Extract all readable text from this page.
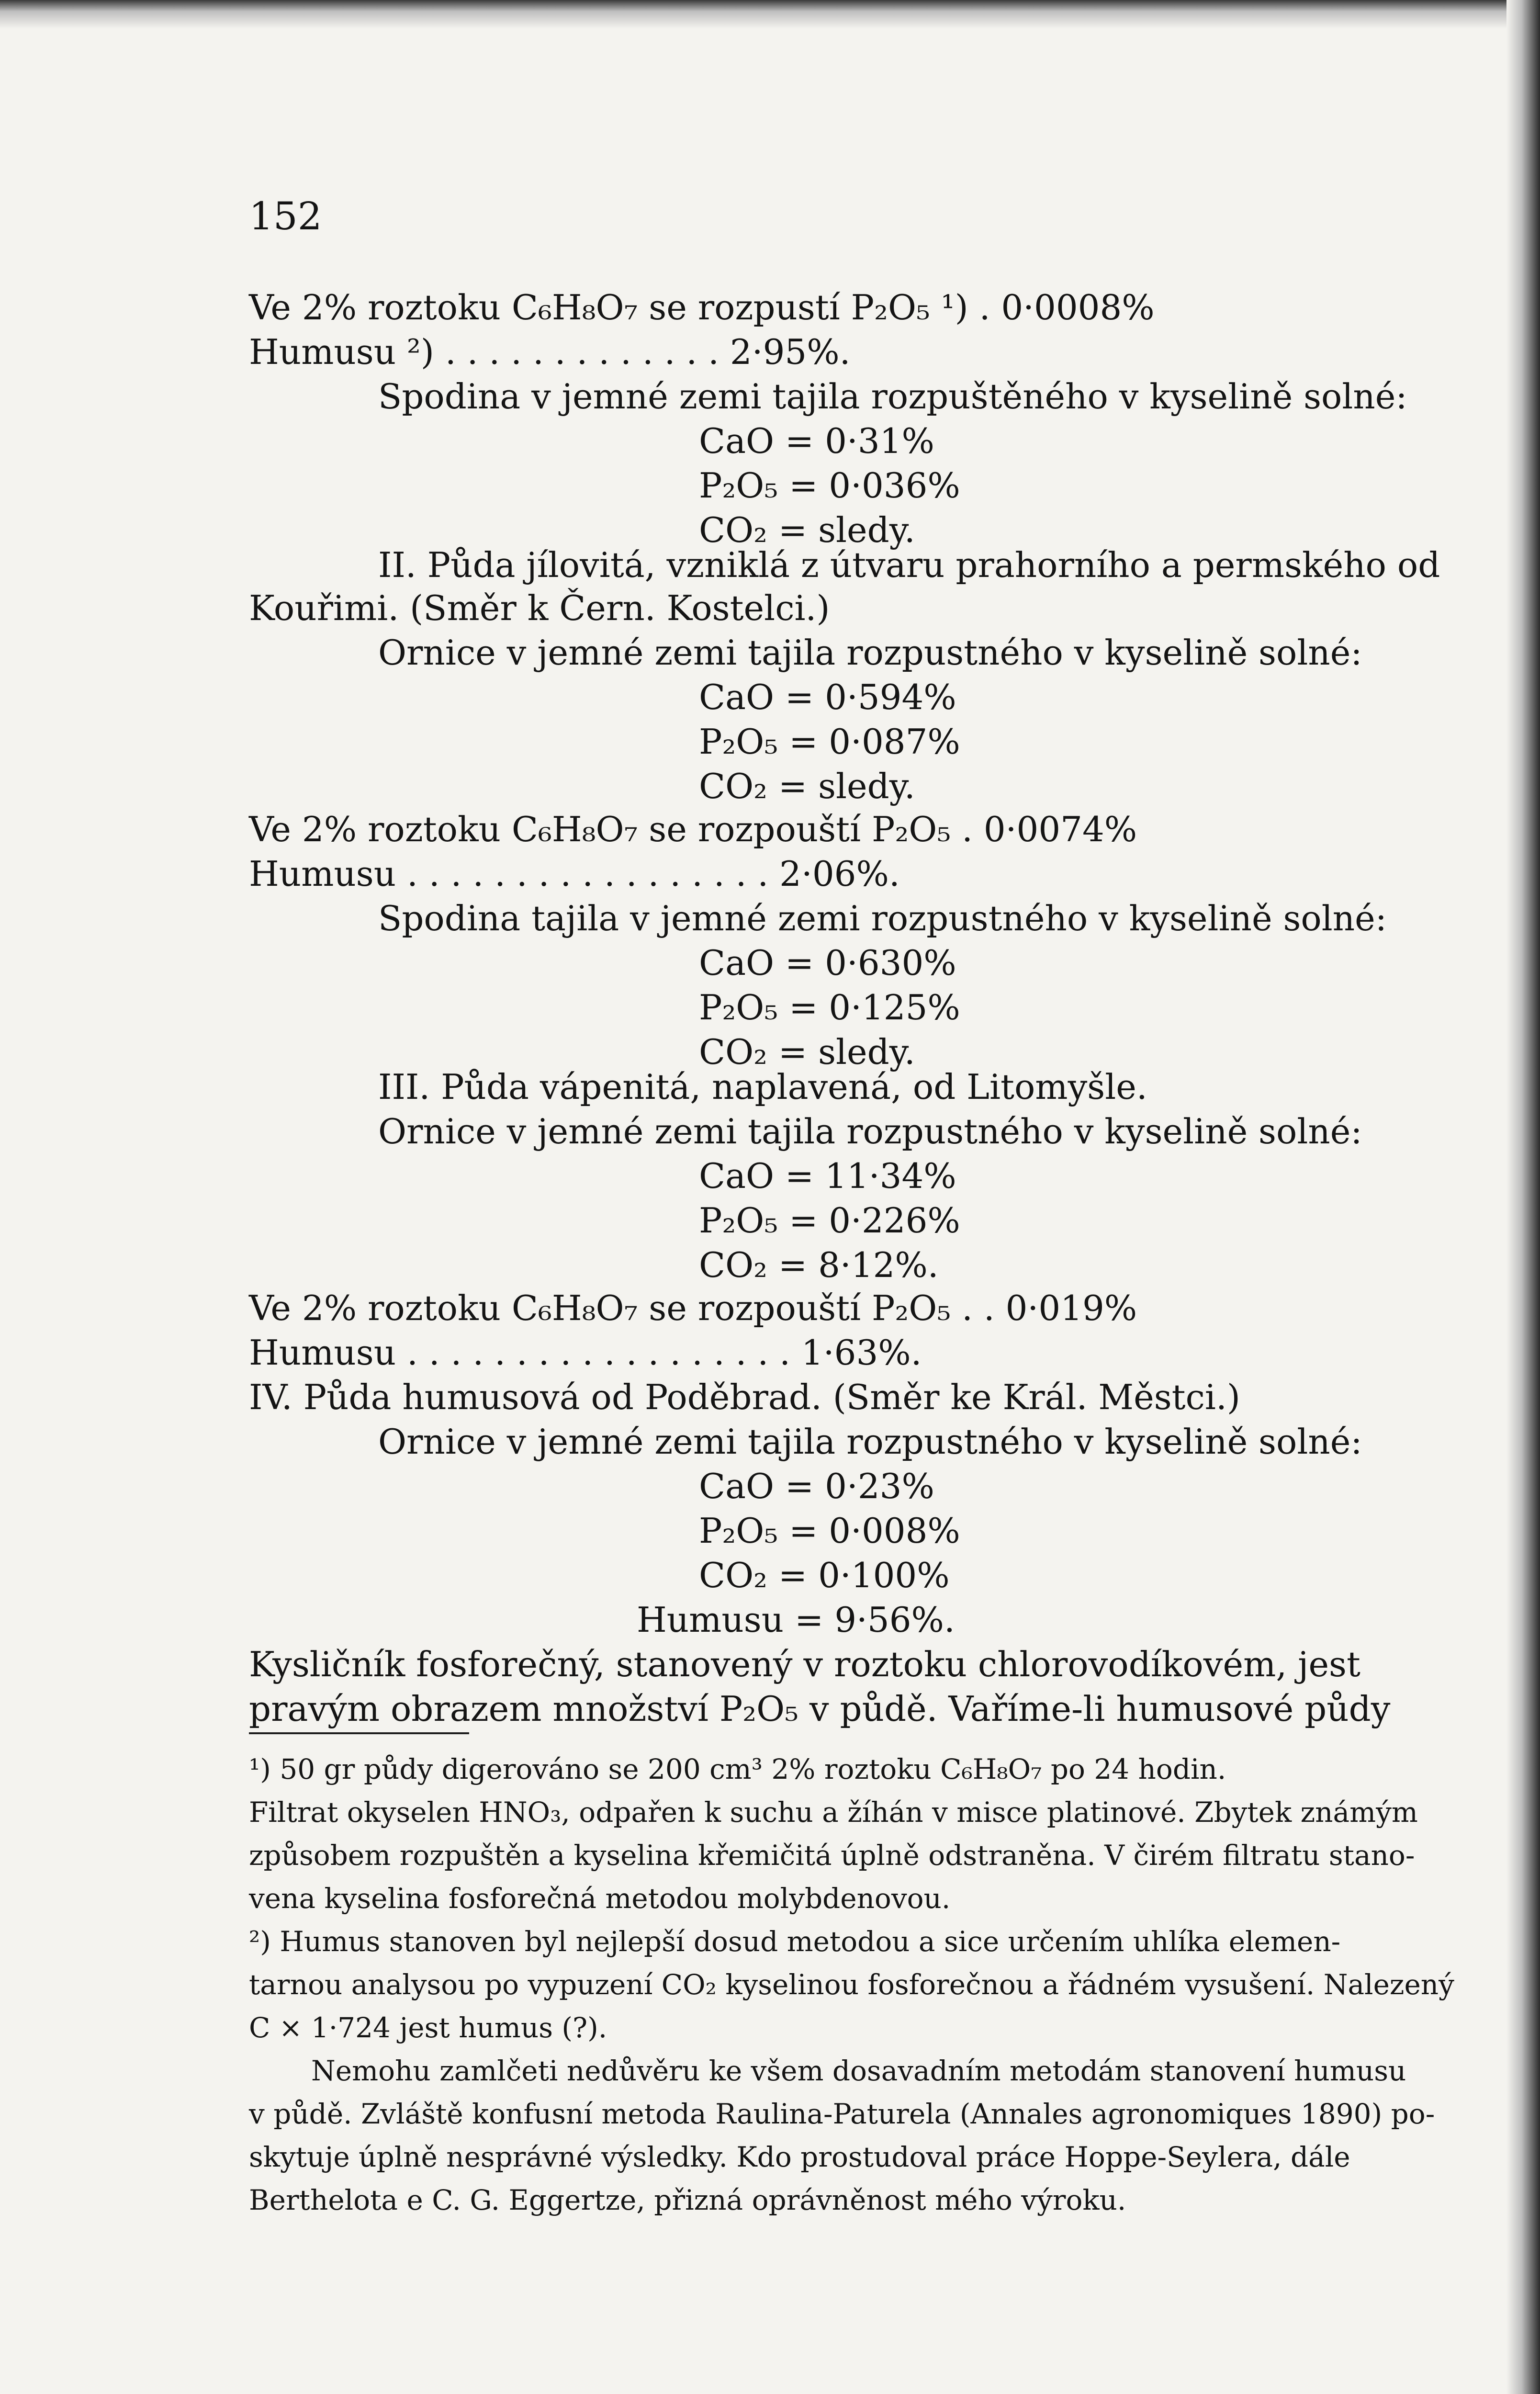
152
Ve 2% roztoku C₆H₈O₇ se rozpustí P₂O₅ ¹) . 0·0008%
Humusu ²) . . . . . . . . . . . . . 2·95%.
Spodina v jemné zemi tajila rozpuštěného v kyselině solné:
CaO = 0·31%
P₂O₅ = 0·036%
CO₂ = sledy.
II. Půda jílovitá, vzniklá z útvaru prahorního a permského od
Kouřimi. (Směr k Čern. Kostelci.)
Ornice v jemné zemi tajila rozpustného v kyselině solné:
CaO = 0·594%
P₂O₅ = 0·087%
CO₂ = sledy.
Ve 2% roztoku C₆H₈O₇ se rozpouští P₂O₅ . 0·0074%
Humusu . . . . . . . . . . . . . . . . . 2·06%.
Spodina tajila v jemné zemi rozpustného v kyselině solné:
CaO = 0·630%
P₂O₅ = 0·125%
CO₂ = sledy.
III. Půda vápenitá, naplavená, od Litomyšle.
Ornice v jemné zemi tajila rozpustného v kyselině solné:
CaO = 11·34%
P₂O₅ = 0·226%
CO₂ = 8·12%.
Ve 2% roztoku C₆H₈O₇ se rozpouští P₂O₅ . . 0·019%
Humusu . . . . . . . . . . . . . . . . . . 1·63%.
IV. Půda humusová od Poděbrad. (Směr ke Král. Městci.)
Ornice v jemné zemi tajila rozpustného v kyselině solné:
CaO = 0·23%
P₂O₅ = 0·008%
CO₂ = 0·100%
Humusu = 9·56%.
Kysličník fosforečný, stanovený v roztoku chlorovodíkovém, jest
pravým obrazem množství P₂O₅ v půdě. Vaříme-li humusové půdy
¹) 50 gr půdy digerováno se 200 cm³ 2% roztoku C₆H₈O₇ po 24 hodin.
Filtrat okyselen HNO₃, odpařen k suchu a žíhán v misce platinové. Zbytek známým
způsobem rozpuštěn a kyselina křemičitá úplně odstraněna. V čirém filtratu stano-
vena kyselina fosforečná metodou molybdenovou.
²) Humus stanoven byl nejlepší dosud metodou a sice určením uhlíka elemen-
tarnou analysou po vypuzení CO₂ kyselinou fosforečnou a řádném vysušení. Nalezený
C × 1·724 jest humus (?).
Nemohu zamlčeti nedůvěru ke všem dosavadním metodám stanovení humusu
v půdě. Zvláště konfusní metoda Raulina-Paturela (Annales agronomiques 1890) po-
skytuje úplně nesprávné výsledky. Kdo prostudoval práce Hoppe-Seylera, dále
Berthelota e C. G. Eggertze, přizná oprávněnost mého výroku.
